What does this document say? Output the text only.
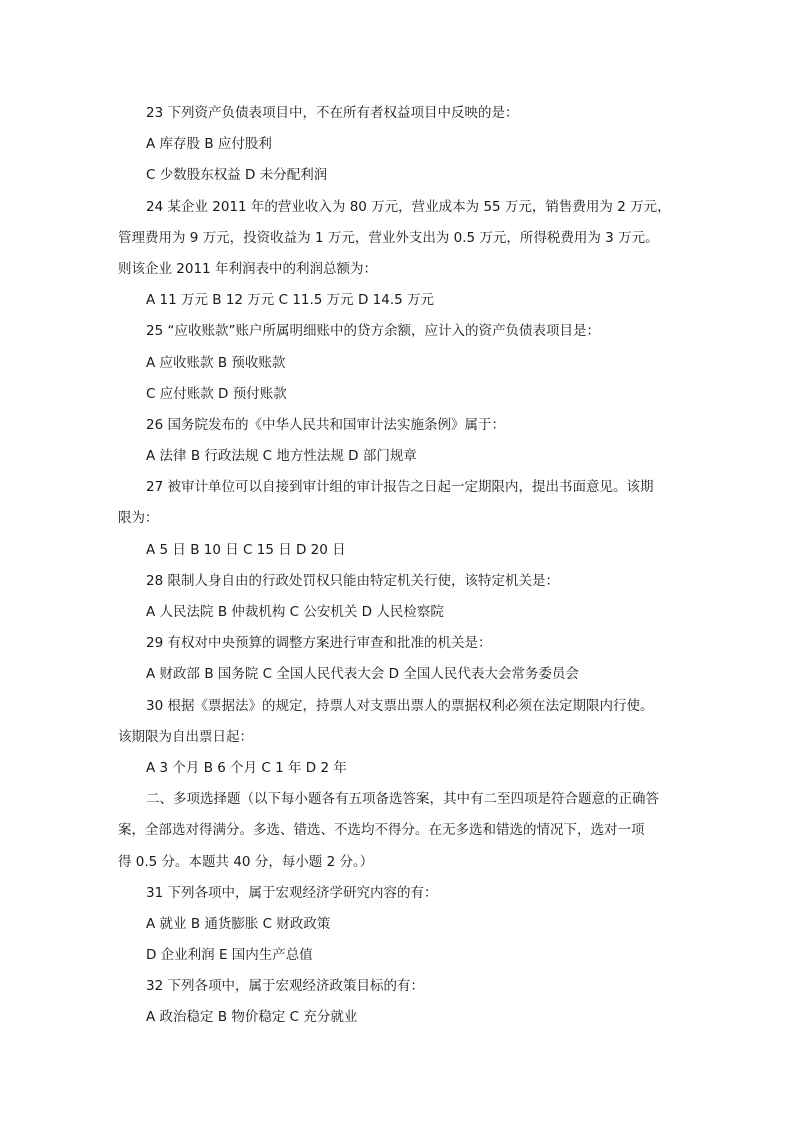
23 下列资产负债表项目中，不在所有者权益项目中反映的是：
A 库存股 B 应付股利
C 少数股东权益 D 未分配利润
24 某企业 2011 年的营业收入为 80 万元，营业成本为 55 万元，销售费用为 2 万元，
管理费用为 9 万元，投资收益为 1 万元，营业外支出为 0.5 万元，所得税费用为 3 万元。
则该企业 2011 年利润表中的利润总额为：
A 11 万元 B 12 万元 C 11.5 万元 D 14.5 万元
25 “应收账款”账户所属明细账中的贷方余额，应计入的资产负债表项目是：
A 应收账款 B 预收账款
C 应付账款 D 预付账款
26 国务院发布的《中华人民共和国审计法实施条例》属于：
A 法律 B 行政法规 C 地方性法规 D 部门规章
27 被审计单位可以自接到审计组的审计报告之日起一定期限内，提出书面意见。该期
限为：
A 5 日 B 10 日 C 15 日 D 20 日
28 限制人身自由的行政处罚权只能由特定机关行使，该特定机关是：
A 人民法院 B 仲裁机构 C 公安机关 D 人民检察院
29 有权对中央预算的调整方案进行审查和批准的机关是：
A 财政部 B 国务院 C 全国人民代表大会 D 全国人民代表大会常务委员会
30 根据《票据法》的规定，持票人对支票出票人的票据权利必须在法定期限内行使。
该期限为自出票日起：
A 3 个月 B 6 个月 C 1 年 D 2 年
二、多项选择题（以下每小题各有五项备选答案，其中有二至四项是符合题意的正确答
案，全部选对得满分。多选、错选、不选均不得分。在无多选和错选的情况下，选对一项
得 0.5 分。本题共 40 分，每小题 2 分。）
31 下列各项中，属于宏观经济学研究内容的有：
A 就业 B 通货膨胀 C 财政政策
D 企业利润 E 国内生产总值
32 下列各项中，属于宏观经济政策目标的有：
A 政治稳定 B 物价稳定 C 充分就业
